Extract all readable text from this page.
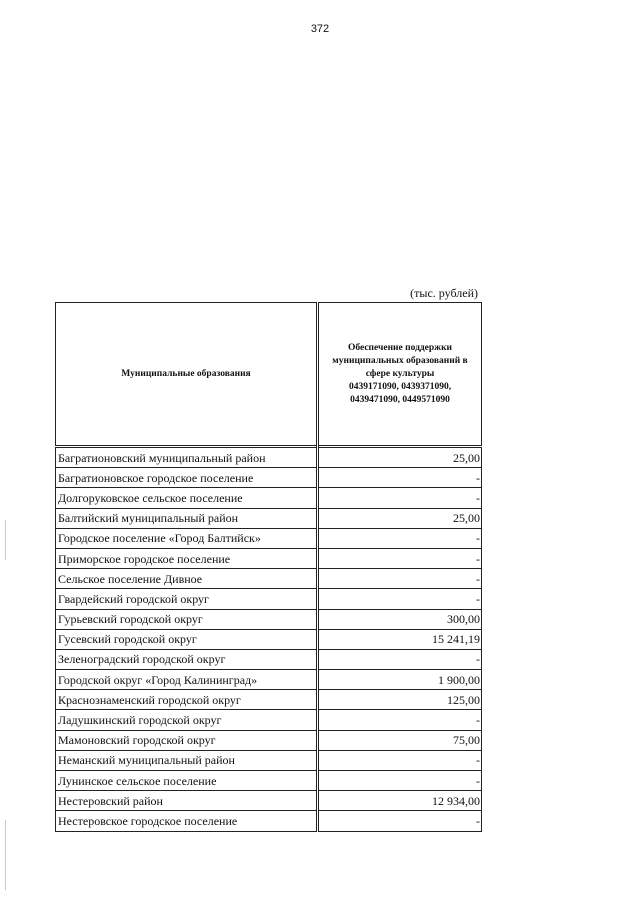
372
(тыс. рублей)
Муниципальные образования	Обеспечение поддержки муниципальных образований в сфере культуры
0439171090, 0439371090, 0439471090, 0449571090

Багратионовский муниципальный район	25,00
Багратионовское городское поселение	-
Долгоруковское сельское поселение	-
Балтийский муниципальный район	25,00
Городское поселение «Город Балтийск»	-
Приморское городское поселение	-
Сельское поселение Дивное	-
Гвардейский городской округ	-
Гурьевский городской округ	300,00
Гусевский городской округ	15 241,19
Зеленоградский городской округ	-
Городской округ «Город Калининград»	1 900,00
Краснознаменский городской округ	125,00
Ладушкинский городской округ	-
Мамоновский городской округ	75,00
Неманский муниципальный район	-
Лунинское сельское поселение	-
Нестеровский район	12 934,00
Нестеровское городское поселение	-
